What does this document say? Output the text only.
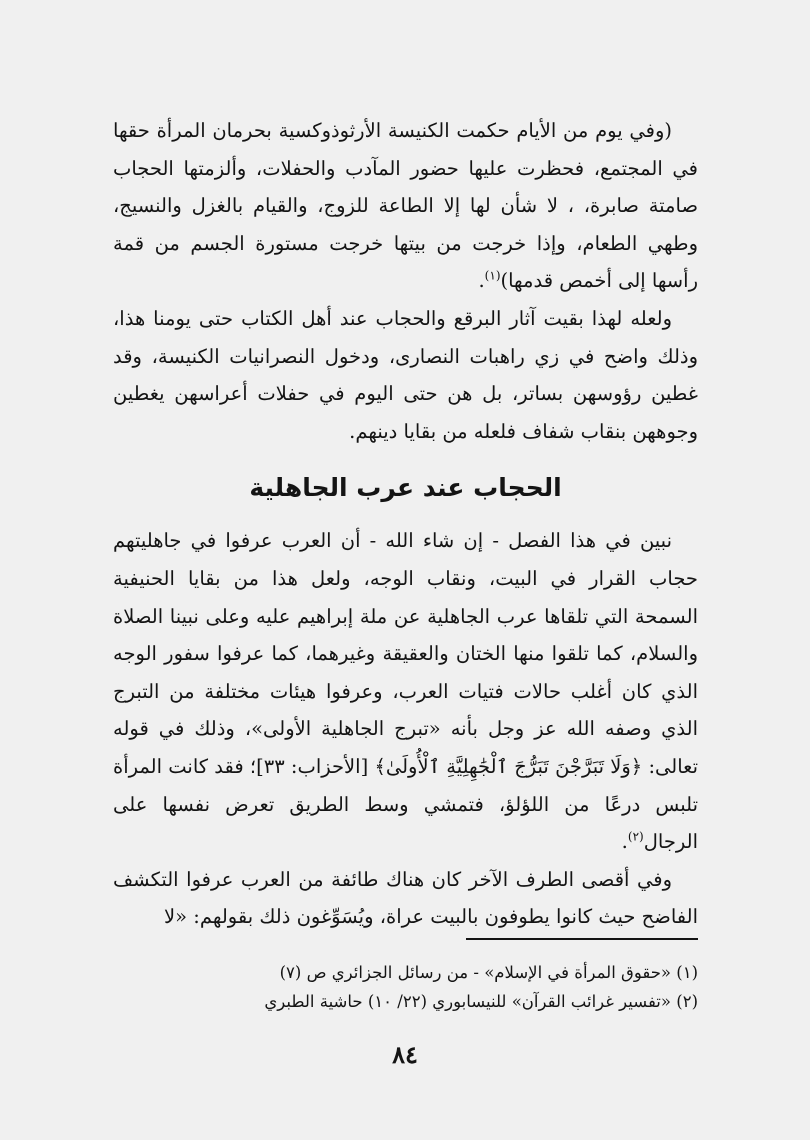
(وفي يوم من الأيام حكمت الكنيسة الأرثوذوكسية بحرمان المرأة حقها في المجتمع، فحظرت عليها حضور المآدب والحفلات، وألزمتها الحجاب صامتة صابرة، ، لا شأن لها إلا الطاعة للزوج، والقيام بالغزل والنسيج، وطهي الطعام، وإذا خرجت من بيتها خرجت مستورة الجسم من قمة رأسها إلى أخمص قدمها)$^{(١)}$.

ولعله لهذا بقيت آثار البرقع والحجاب عند أهل الكتاب حتى يومنا هذا، وذلك واضح في زي راهبات النصارى، ودخول النصرانيات الكنيسة، وقد غطين رؤوسهن بساتر، بل هن حتى اليوم في حفلات أعراسهن يغطين وجوههن بنقاب شفاف فلعله من بقايا دينهم.

الحجاب عند عرب الجاهلية

نبين في هذا الفصل - إن شاء الله - أن العرب عرفوا في جاهليتهم حجاب القرار في البيت، ونقاب الوجه، ولعل هذا من بقايا الحنيفية السمحة التي تلقاها عرب الجاهلية عن ملة إبراهيم عليه وعلى نبينا الصلاة والسلام، كما تلقوا منها الختان والعقيقة وغيرهما، كما عرفوا سفور الوجه الذي كان أغلب حالات فتيات العرب، وعرفوا هيئات مختلفة من التبرج الذي وصفه الله عز وجل بأنه «تبرج الجاهلية الأولى»، وذلك في قوله تعالى: ﴿وَلَا تَبَرَّجْنَ تَبَرُّجَ ٱلْجَٰهِلِيَّةِ ٱلْأُولَىٰ﴾ [الأحزاب: ٣٣]؛ فقد كانت المرأة تلبس درعًا من اللؤلؤ، فتمشي وسط الطريق تعرض نفسها على الرجال$^{(٢)}$.

وفي أقصى الطرف الآخر كان هناك طائفة من العرب عرفوا التكشف الفاضح حيث كانوا يطوفون بالبيت عراة، ويُسَوِّغون ذلك بقولهم: «لا

(١) «حقوق المرأة في الإسلام» - من رسائل الجزائري ص (٧)

(٢) «تفسير غرائب القرآن» للنيسابوري (٢٢/ ١٠) حاشية الطبري

٨٤
